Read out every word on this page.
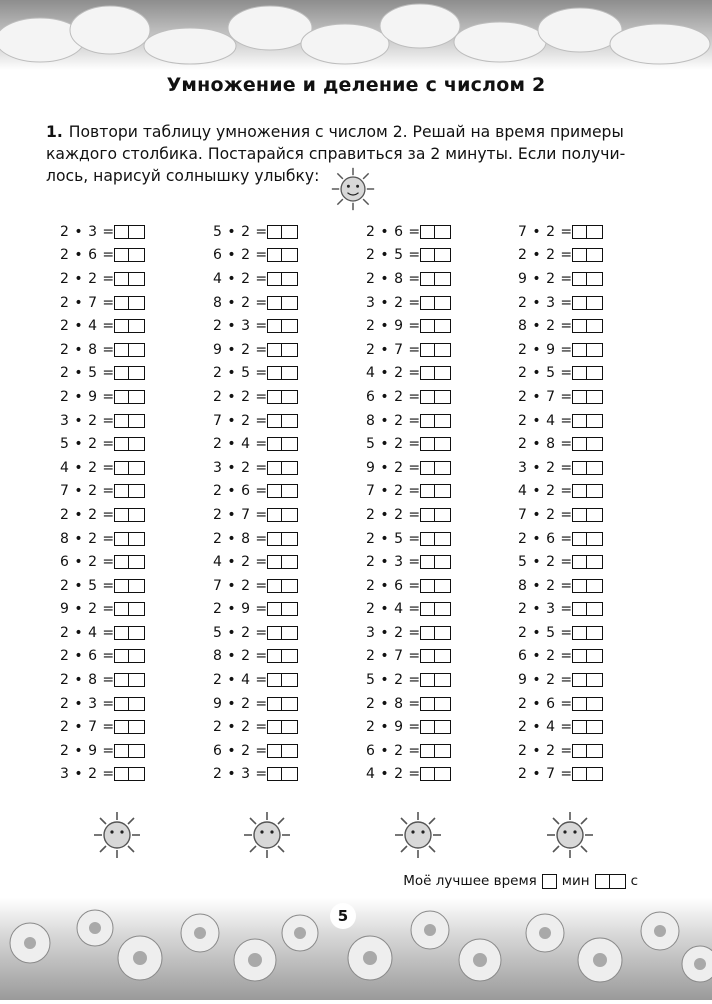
Умножение и деление с числом 2
1. Повтори таблицу умножения с числом 2. Решай на время примеры
каждого столбика. Постарайся справиться за 2 минуты. Если получи-
лось, нарисуй солнышку улыбку:
2 • 3 =
2 • 6 =
2 • 2 =
2 • 7 =
2 • 4 =
2 • 8 =
2 • 5 =
2 • 9 =
3 • 2 =
5 • 2 =
4 • 2 =
7 • 2 =
2 • 2 =
8 • 2 =
6 • 2 =
2 • 5 =
9 • 2 =
2 • 4 =
2 • 6 =
2 • 8 =
2 • 3 =
2 • 7 =
2 • 9 =
3 • 2 =
5 • 2 =
6 • 2 =
4 • 2 =
8 • 2 =
2 • 3 =
9 • 2 =
2 • 5 =
2 • 2 =
7 • 2 =
2 • 4 =
3 • 2 =
2 • 6 =
2 • 7 =
2 • 8 =
4 • 2 =
7 • 2 =
2 • 9 =
5 • 2 =
8 • 2 =
2 • 4 =
9 • 2 =
2 • 2 =
6 • 2 =
2 • 3 =
2 • 6 =
2 • 5 =
2 • 8 =
3 • 2 =
2 • 9 =
2 • 7 =
4 • 2 =
6 • 2 =
8 • 2 =
5 • 2 =
9 • 2 =
7 • 2 =
2 • 2 =
2 • 5 =
2 • 3 =
2 • 6 =
2 • 4 =
3 • 2 =
2 • 7 =
5 • 2 =
2 • 8 =
2 • 9 =
6 • 2 =
4 • 2 =
7 • 2 =
2 • 2 =
9 • 2 =
2 • 3 =
8 • 2 =
2 • 9 =
2 • 5 =
2 • 7 =
2 • 4 =
2 • 8 =
3 • 2 =
4 • 2 =
7 • 2 =
2 • 6 =
5 • 2 =
8 • 2 =
2 • 3 =
2 • 5 =
6 • 2 =
9 • 2 =
2 • 6 =
2 • 4 =
2 • 2 =
2 • 7 =
Моё лучшее время мин	с
5
